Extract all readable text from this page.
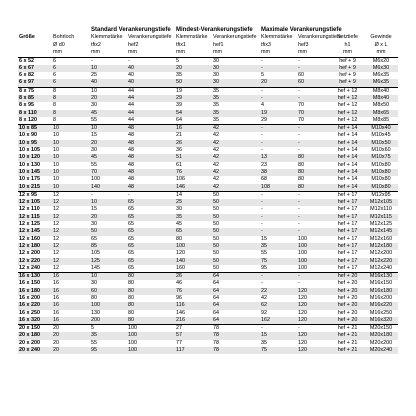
		Standard Verankerungstiefe		Mindest-Verankerungstiefe		Maximale Verankerungstiefe			
Größe	Bohrloch	Klemmstärke	Verankerungstiefe	Klemmstärke	Verankerungstiefe	Klemmstärke	Verankerungstiefe	Setztiefe	Gewinde
	Ø d0	tfix2	hef2	tfix1	hef1	tfix3	hef3	h1	Ø x L
	mm	mm	mm	mm	mm	mm	mm	mm	mm
6 x 52	6	-	-	5	30	-	-	hef + 9	M6x20
6 x 67	6	10	40	20	30	-	-	hef + 9	M6x30
6 x 82	6	25	40	35	30	5	60	hef + 9	M6x35
6 x 97	6	40	40	50	30	20	60	hef + 9	M6x35
8 x 75	8	10	44	19	35	-	-	hef + 12	M8x40
8 x 85	8	20	44	29	35	-	-	hef + 12	M8x40
8 x 95	8	30	44	39	35	4	70	hef + 12	M8x50
8 x 110	8	45	44	54	35	19	70	hef + 12	M8x65
8 x 120	8	55	44	64	35	29	70	hef + 12	M8x85
10 x 85	10	10	48	16	42	-	-	hef + 14	M10x40
10 x 90	10	15	48	21	42	-	-	hef + 14	M10x45
10 x 95	10	20	48	26	42	-	-	hef + 14	M10x50
10 x 105	10	30	48	36	42	-	-	hef + 14	M10x60
10 x 120	10	45	48	51	42	13	80	hef + 14	M10x75
10 x 130	10	55	48	61	42	23	80	hef + 14	M10x80
10 x 145	10	70	48	76	42	38	80	hef + 14	M10x80
10 x 175	10	100	48	106	42	68	80	hef + 14	M10x80
10 x 215	10	140	48	146	42	108	80	hef + 14	M10x80
12 x 95	12	-	-	14	50	-	-	hef + 17	M12x95
12 x 105	12	10	65	25	50	-	-	hef + 17	M12x105
12 x 110	12	15	65	30	50	-	-	hef + 17	M12x110
12 x 115	12	20	65	35	50	-	-	hef + 17	M12x115
12 x 125	12	30	65	45	50	-	-	hef + 17	M12x125
12 x 145	12	50	65	65	50	-	-	hef + 17	M12x145
12 x 160	12	65	65	80	50	15	100	hef + 17	M12x160
12 x 180	12	85	65	100	50	35	100	hef + 17	M12x180
12 x 200	12	105	65	120	50	55	100	hef + 17	M12x200
12 x 220	12	125	65	140	50	75	100	hef + 17	M12x220
12 x 240	12	145	65	160	50	95	100	hef + 17	M12x240
16 x 130	16	10	80	26	64	-	-	hef + 20	M16x130
16 x 150	16	30	80	46	64	-	-	hef + 20	M16x150
16 x 180	16	60	80	76	64	22	120	hef + 20	M16x180
16 x 200	16	80	80	96	64	42	120	hef + 20	M16x200
16 x 220	16	100	80	116	64	62	120	hef + 20	M16x220
16 x 250	16	130	80	146	64	92	120	hef + 20	M16x250
16 x 320	16	200	80	216	64	162	120	hef + 20	M16x320
20 x 150	20	5	100	27	78	-	-	hef + 21	M20x150
20 x 180	20	35	100	57	78	15	120	hef + 21	M20x180
20 x 200	20	55	100	77	78	35	120	hef + 21	M20x200
20 x 240	20	95	100	117	78	75	120	hef + 21	M20x240
